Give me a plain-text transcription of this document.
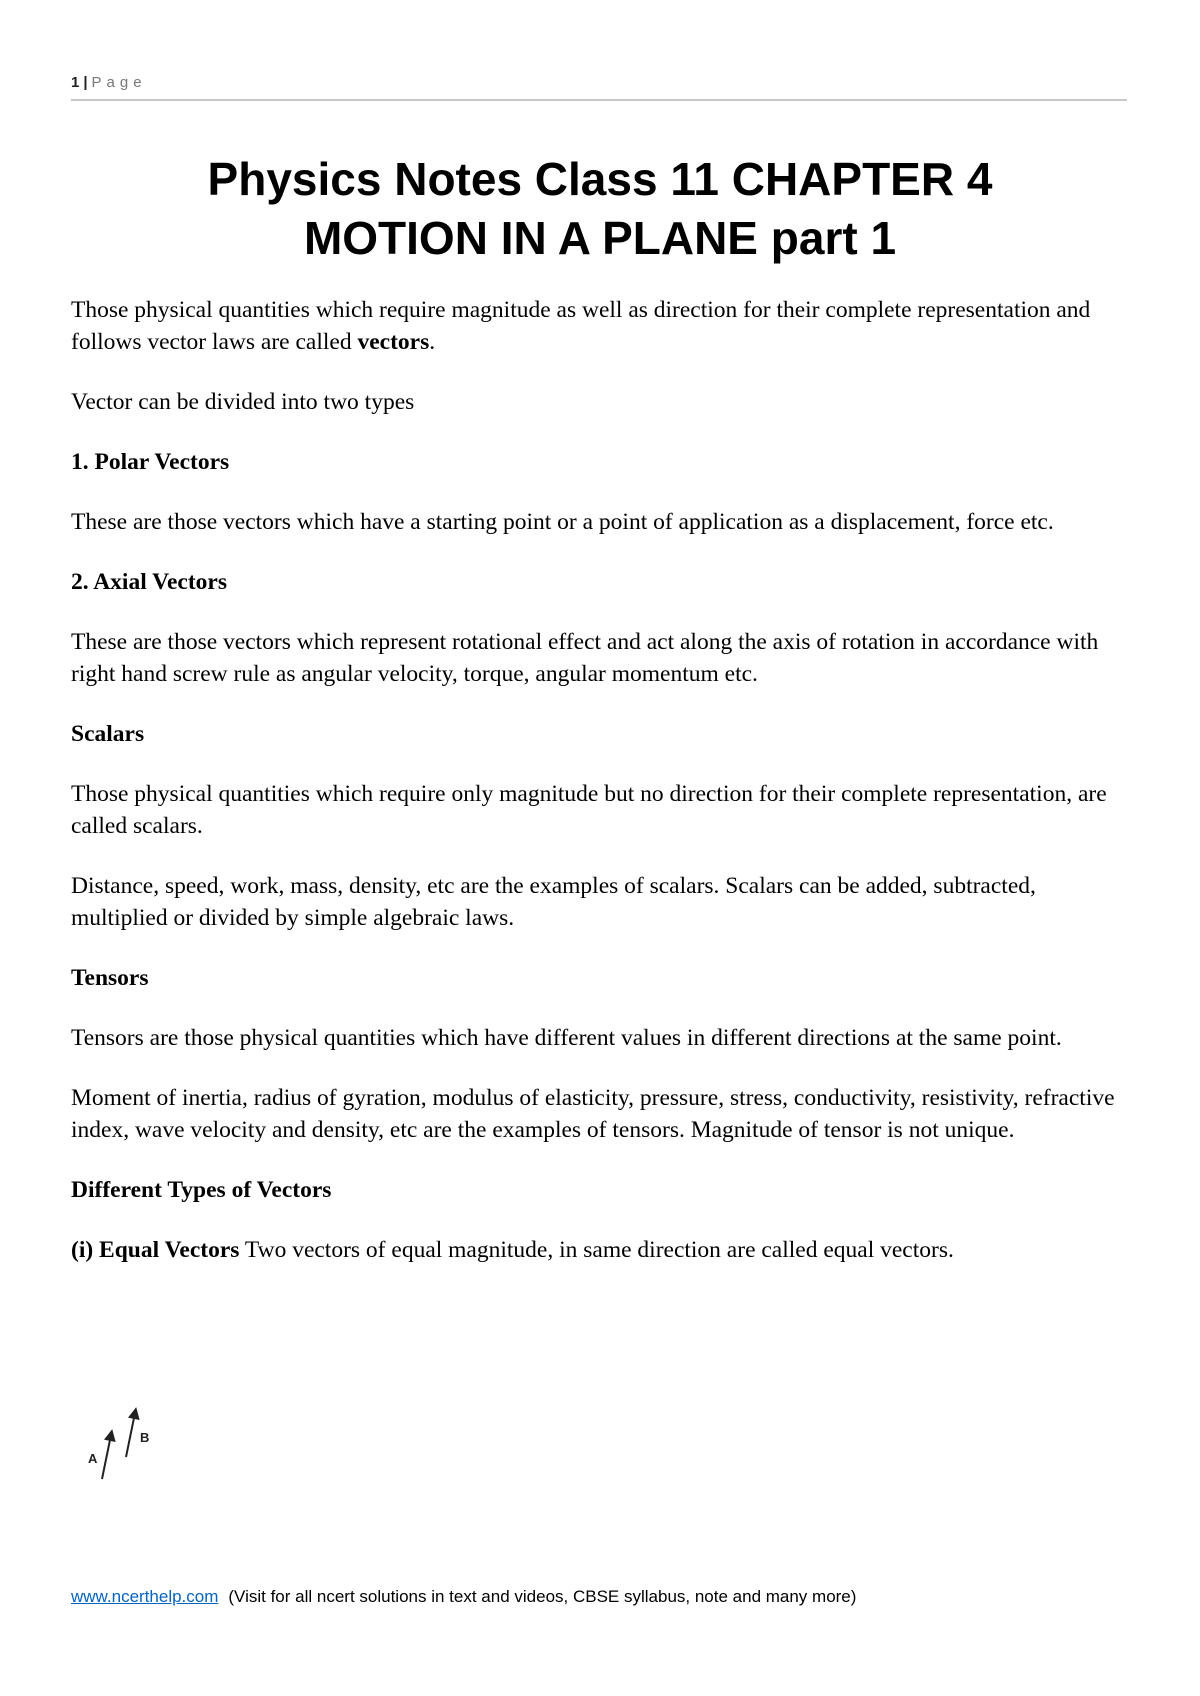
1 | Page
Physics Notes Class 11 CHAPTER 4
MOTION IN A PLANE part 1

Those physical quantities which require magnitude as well as direction for their complete representation and follows vector laws are called vectors.

Vector can be divided into two types

1. Polar Vectors

These are those vectors which have a starting point or a point of application as a displacement, force etc.

2. Axial Vectors

These are those vectors which represent rotational effect and act along the axis of rotation in accordance with right hand screw rule as angular velocity, torque, angular momentum etc.

Scalars

Those physical quantities which require only magnitude but no direction for their complete representation, are called scalars.

Distance, speed, work, mass, density, etc are the examples of scalars. Scalars can be added, subtracted, multiplied or divided by simple algebraic laws.

Tensors

Tensors are those physical quantities which have different values in different directions at the same point.

Moment of inertia, radius of gyration, modulus of elasticity, pressure, stress, conductivity, resistivity, refractive index, wave velocity and density, etc are the examples of tensors. Magnitude of tensor is not unique.

Different Types of Vectors

(i) Equal Vectors Two vectors of equal magnitude, in same direction are called equal vectors.

A
B
www.ncerthelp.com (Visit for all ncert solutions in text and videos, CBSE syllabus, note and many more)
